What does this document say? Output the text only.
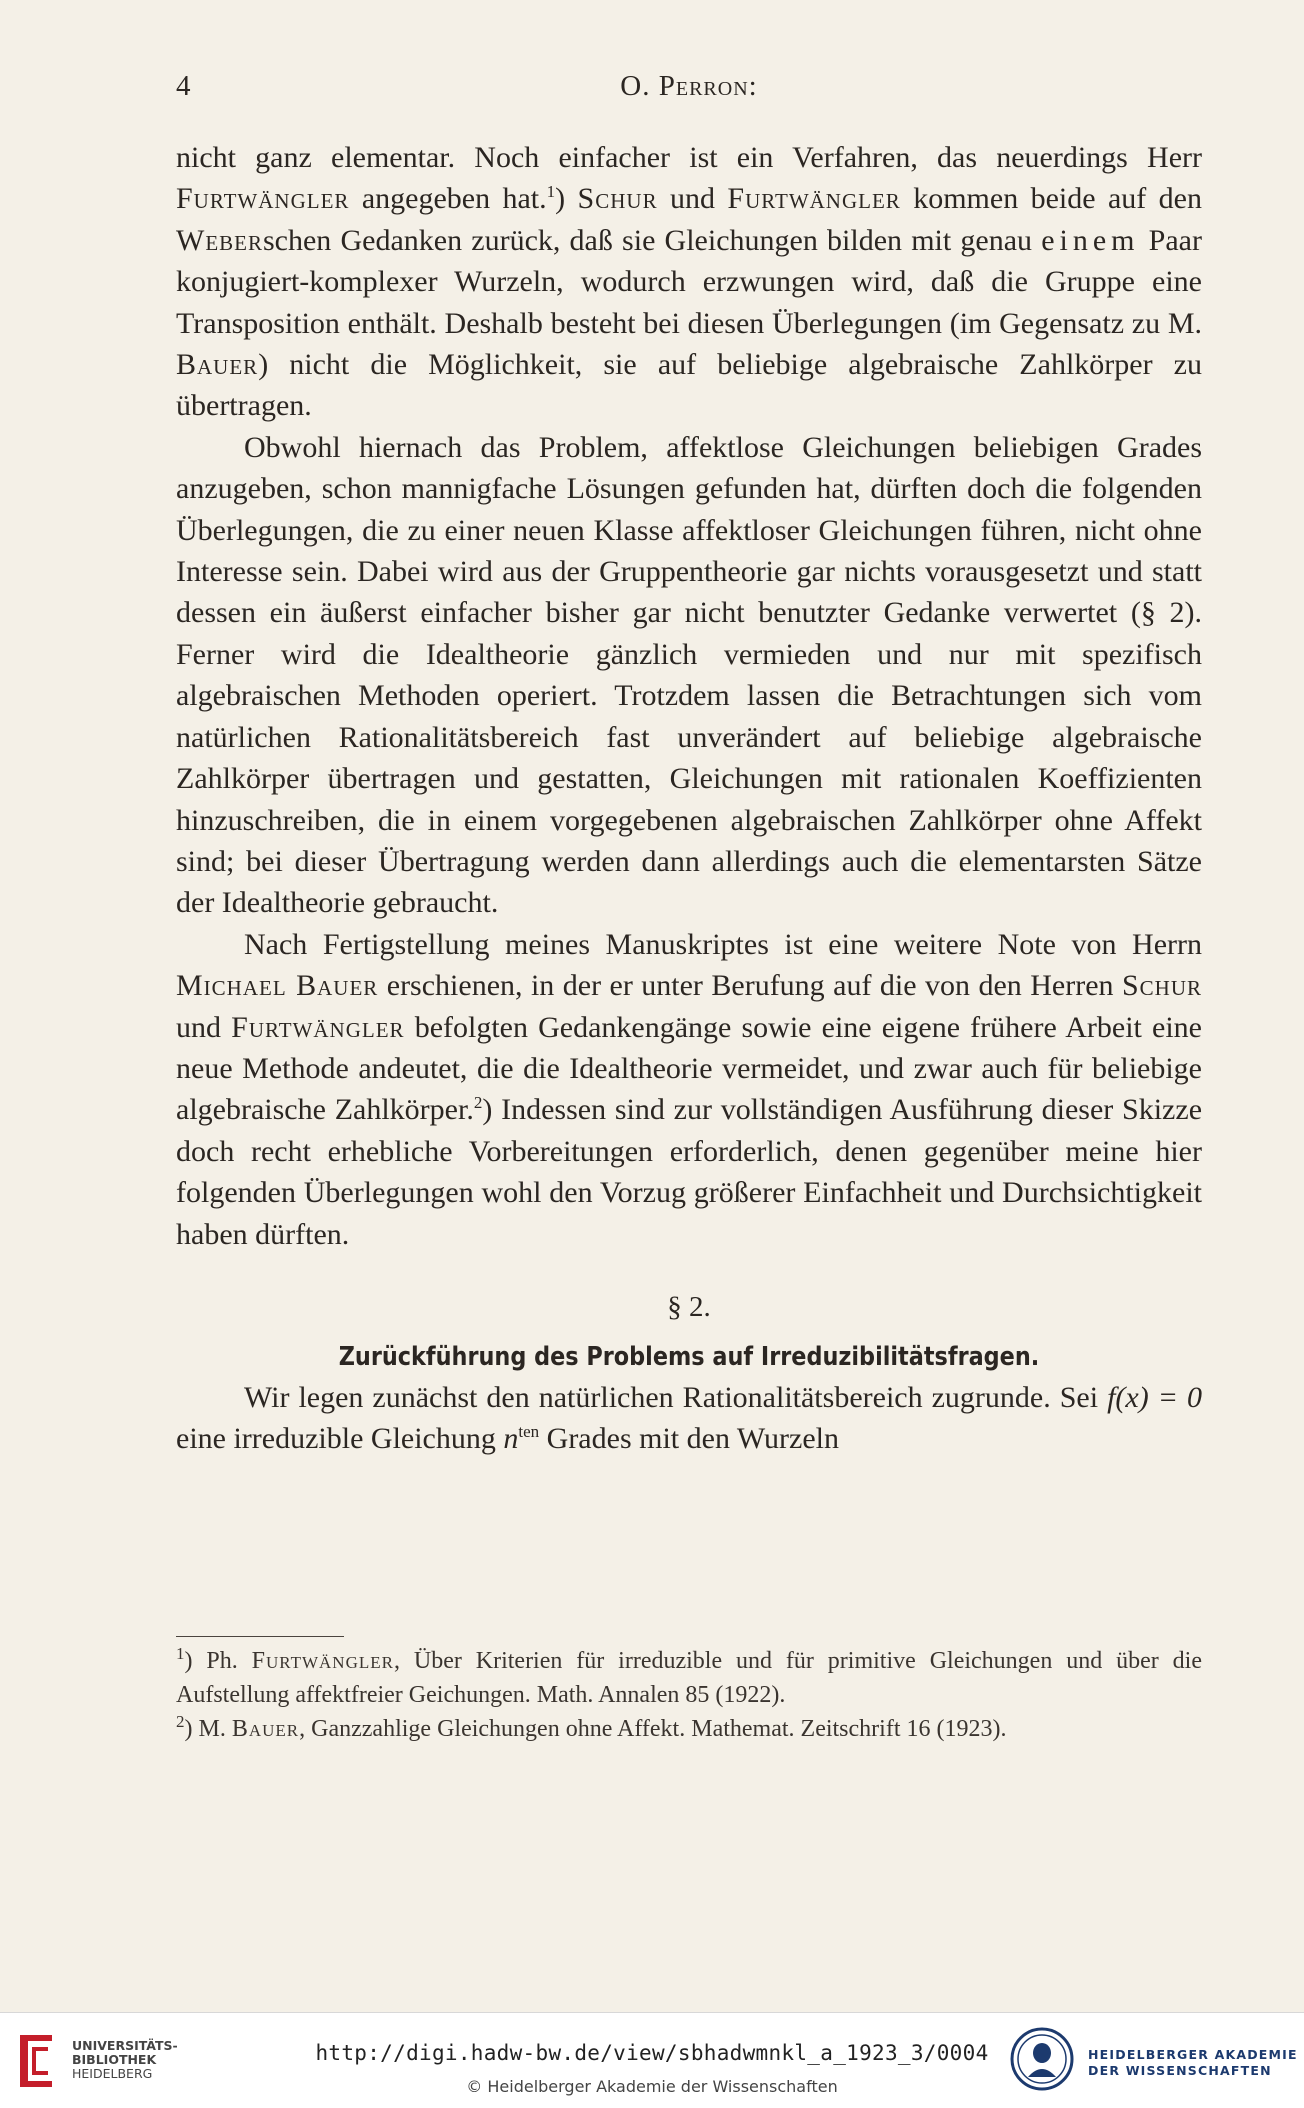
4	O. Perron:

nicht ganz elementar. Noch einfacher ist ein Verfahren, das neuerdings Herr Furtwängler angegeben hat.$^1$) Schur und Furtwängler kommen beide auf den Weberschen Gedanken zurück, daß sie Gleichungen bilden mit genau einem Paar konjugiert-komplexer Wurzeln, wodurch erzwungen wird, daß die Gruppe eine Transposition enthält. Deshalb besteht bei diesen Überlegungen (im Gegensatz zu M. Bauer) nicht die Möglichkeit, sie auf beliebige algebraische Zahlkörper zu übertragen.

Obwohl hiernach das Problem, affektlose Gleichungen beliebigen Grades anzugeben, schon mannigfache Lösungen gefunden hat, dürften doch die folgenden Überlegungen, die zu einer neuen Klasse affektloser Gleichungen führen, nicht ohne Interesse sein. Dabei wird aus der Gruppentheorie gar nichts vorausgesetzt und statt dessen ein äußerst einfacher bisher gar nicht benutzter Gedanke verwertet (§ 2). Ferner wird die Idealtheorie gänzlich vermieden und nur mit spezifisch algebraischen Methoden operiert. Trotzdem lassen die Betrachtungen sich vom natürlichen Rationalitätsbereich fast unverändert auf beliebige algebraische Zahlkörper übertragen und gestatten, Gleichungen mit rationalen Koeffizienten hinzuschreiben, die in einem vorgegebenen algebraischen Zahlkörper ohne Affekt sind; bei dieser Übertragung werden dann allerdings auch die elementarsten Sätze der Idealtheorie gebraucht.

Nach Fertigstellung meines Manuskriptes ist eine weitere Note von Herrn Michael Bauer erschienen, in der er unter Berufung auf die von den Herren Schur und Furtwängler befolgten Gedankengänge sowie eine eigene frühere Arbeit eine neue Methode andeutet, die die Idealtheorie vermeidet, und zwar auch für beliebige algebraische Zahlkörper.$^2$) Indessen sind zur vollständigen Ausführung dieser Skizze doch recht erhebliche Vorbereitungen erforderlich, denen gegenüber meine hier folgenden Überlegungen wohl den Vorzug größerer Einfachheit und Durchsichtigkeit haben dürften.

§ 2.
Zurückführung des Problems auf Irreduzibilitätsfragen.

Wir legen zunächst den natürlichen Rationalitätsbereich zugrunde. Sei f(x) = 0 eine irreduzible Gleichung $n^{ten}$ Grades mit den Wurzeln

$^1$) Ph. Furtwängler, Über Kriterien für irreduzible und für primitive Gleichungen und über die Aufstellung affektfreier Geichungen. Math. Annalen 85 (1922).

$^2$) M. Bauer, Ganzzahlige Gleichungen ohne Affekt. Mathemat. Zeitschrift 16 (1923).

UNIVERSITÄTS-
BIBLIOTHEK
HEIDELBERG
http://digi.hadw-bw.de/view/sbhadwmnkl_a_1923_3/0004
© Heidelberger Akademie der Wissenschaften
HEIDELBERGER AKADEMIE
DER WISSENSCHAFTEN
